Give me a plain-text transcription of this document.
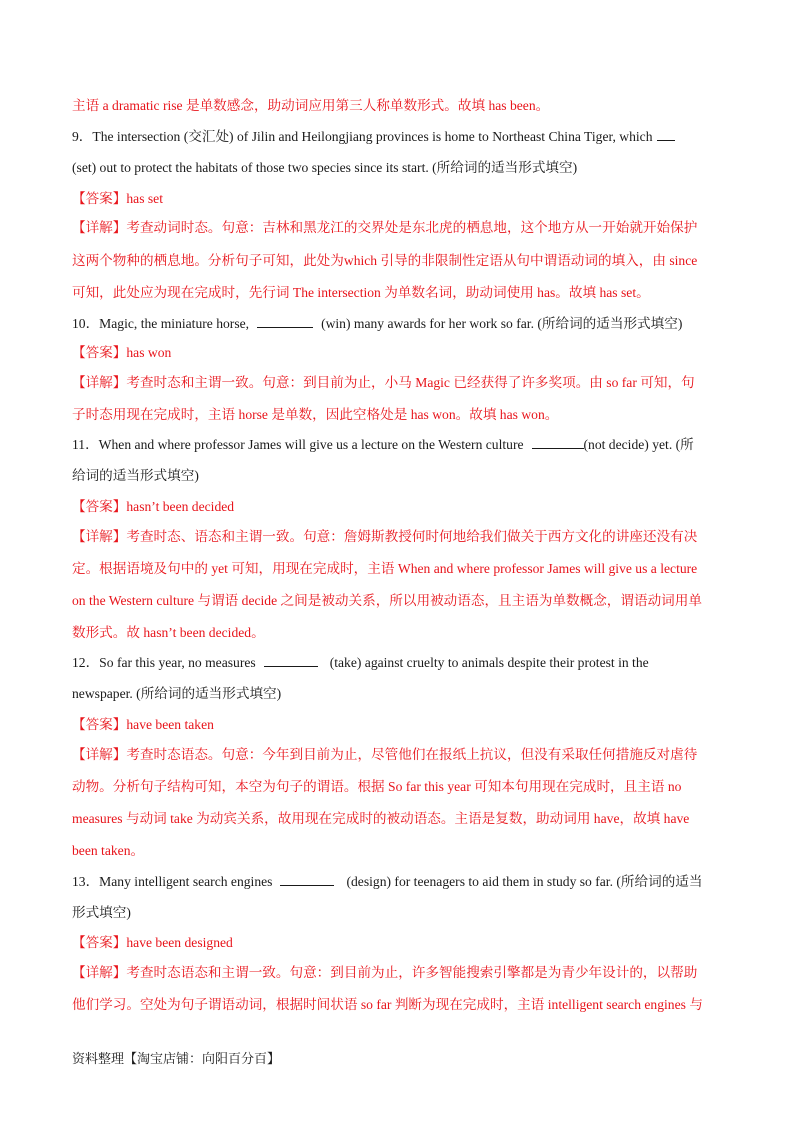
主语 a dramatic rise 是单数感念，助动词应用第三人称单数形式。故填 has been。
9．The intersection (交汇处) of Jilin and Heilongjiang provinces is home to Northeast China Tiger, which
(set) out to protect the habitats of those two species since its start. (所给词的适当形式填空)
【答案】has set
【详解】考查动词时态。句意：吉林和黑龙江的交界处是东北虎的栖息地，这个地方从一开始就开始保护
这两个物种的栖息地。分析句子可知，此处为which 引导的非限制性定语从句中谓语动词的填入，由 since
可知，此处应为现在完成时，先行词 The intersection 为单数名词，助动词使用 has。故填 has set。
10．Magic, the miniature horse,	(win) many awards for her work so far. (所给词的适当形式填空)
【答案】has won
【详解】考查时态和主谓一致。句意：到目前为止，小马 Magic 已经获得了许多奖项。由 so far 可知，句
子时态用现在完成时，主语 horse 是单数，因此空格处是 has won。故填 has won。
11．When and where professor James will give us a lecture on the Western culture	(not decide) yet. (所
给词的适当形式填空)
【答案】hasn’t been decided
【详解】考查时态、语态和主谓一致。句意：詹姆斯教授何时何地给我们做关于西方文化的讲座还没有决
定。根据语境及句中的 yet 可知，用现在完成时，主语 When and where professor James will give us a lecture
on the Western culture 与谓语 decide 之间是被动关系，所以用被动语态，且主语为单数概念，谓语动词用单
数形式。故 hasn’t been decided。
12．So far this year, no measures	(take) against cruelty to animals despite their protest in the
newspaper. (所给词的适当形式填空)
【答案】have been taken
【详解】考查时态语态。句意：今年到目前为止，尽管他们在报纸上抗议，但没有采取任何措施反对虐待
动物。分析句子结构可知，本空为句子的谓语。根据 So far this year 可知本句用现在完成时，且主语 no
measures 与动词 take 为动宾关系，故用现在完成时的被动语态。主语是复数，助动词用 have，故填 have
been taken。
13．Many intelligent search engines	(design) for teenagers to aid them in study so far. (所给词的适当
形式填空)
【答案】have been designed
【详解】考查时态语态和主谓一致。句意：到目前为止，许多智能搜索引擎都是为青少年设计的，以帮助
他们学习。空处为句子谓语动词，根据时间状语 so far 判断为现在完成时，主语 intelligent search engines 与
资料整理【淘宝店铺：向阳百分百】
